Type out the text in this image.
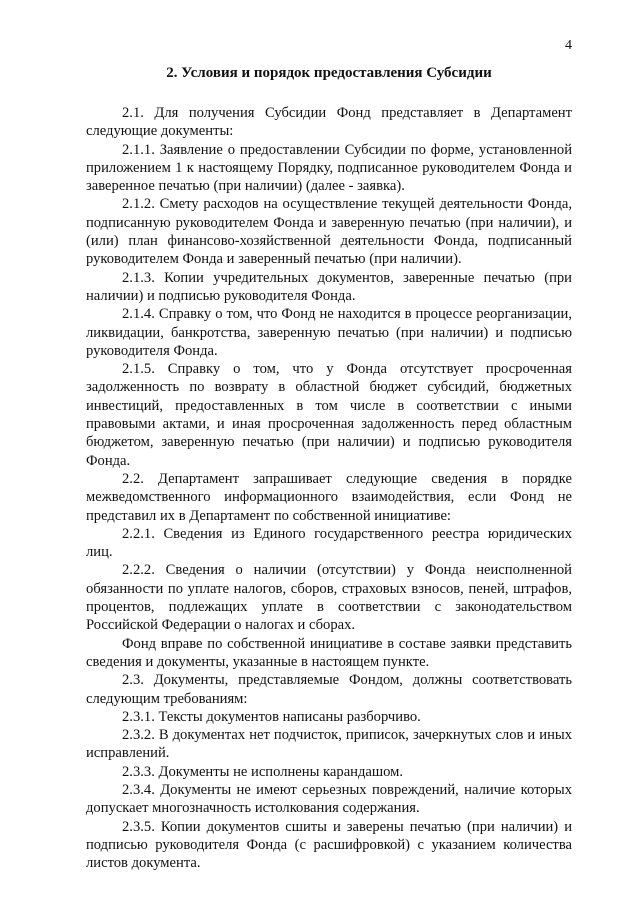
4
2. Условия и порядок предоставления Субсидии

2.1. Для получения Субсидии Фонд представляет в Департамент следующие документы:

2.1.1. Заявление о предоставлении Субсидии по форме, установленной приложением 1 к настоящему Порядку, подписанное руководителем Фонда и заверенное печатью (при наличии) (далее - заявка).

2.1.2. Смету расходов на осуществление текущей деятельности Фонда, подписанную руководителем Фонда и заверенную печатью (при наличии), и (или) план финансово-хозяйственной деятельности Фонда, подписанный руководителем Фонда и заверенный печатью (при наличии).

2.1.3. Копии учредительных документов, заверенные печатью (при наличии) и подписью руководителя Фонда.

2.1.4. Справку о том, что Фонд не находится в процессе реорганизации, ликвидации, банкротства, заверенную печатью (при наличии) и подписью руководителя Фонда.

2.1.5. Справку о том, что у Фонда отсутствует просроченная задолженность по возврату в областной бюджет субсидий, бюджетных инвестиций, предоставленных в том числе в соответствии с иными правовыми актами, и иная просроченная задолженность перед областным бюджетом, заверенную печатью (при наличии) и подписью руководителя Фонда.

2.2. Департамент запрашивает следующие сведения в порядке межведомственного информационного взаимодействия, если Фонд не представил их в Департамент по собственной инициативе:

2.2.1. Сведения из Единого государственного реестра юридических лиц.

2.2.2. Сведения о наличии (отсутствии) у Фонда неисполненной обязанности по уплате налогов, сборов, страховых взносов, пеней, штрафов, процентов, подлежащих уплате в соответствии с законодательством Российской Федерации о налогах и сборах.

Фонд вправе по собственной инициативе в составе заявки представить сведения и документы, указанные в настоящем пункте.

2.3. Документы, представляемые Фондом, должны соответствовать следующим требованиям:

2.3.1. Тексты документов написаны разборчиво.

2.3.2. В документах нет подчисток, приписок, зачеркнутых слов и иных исправлений.

2.3.3. Документы не исполнены карандашом.

2.3.4. Документы не имеют серьезных повреждений, наличие которых допускает многозначность истолкования содержания.

2.3.5. Копии документов сшиты и заверены печатью (при наличии) и подписью руководителя Фонда (с расшифровкой) с указанием количества листов документа.
